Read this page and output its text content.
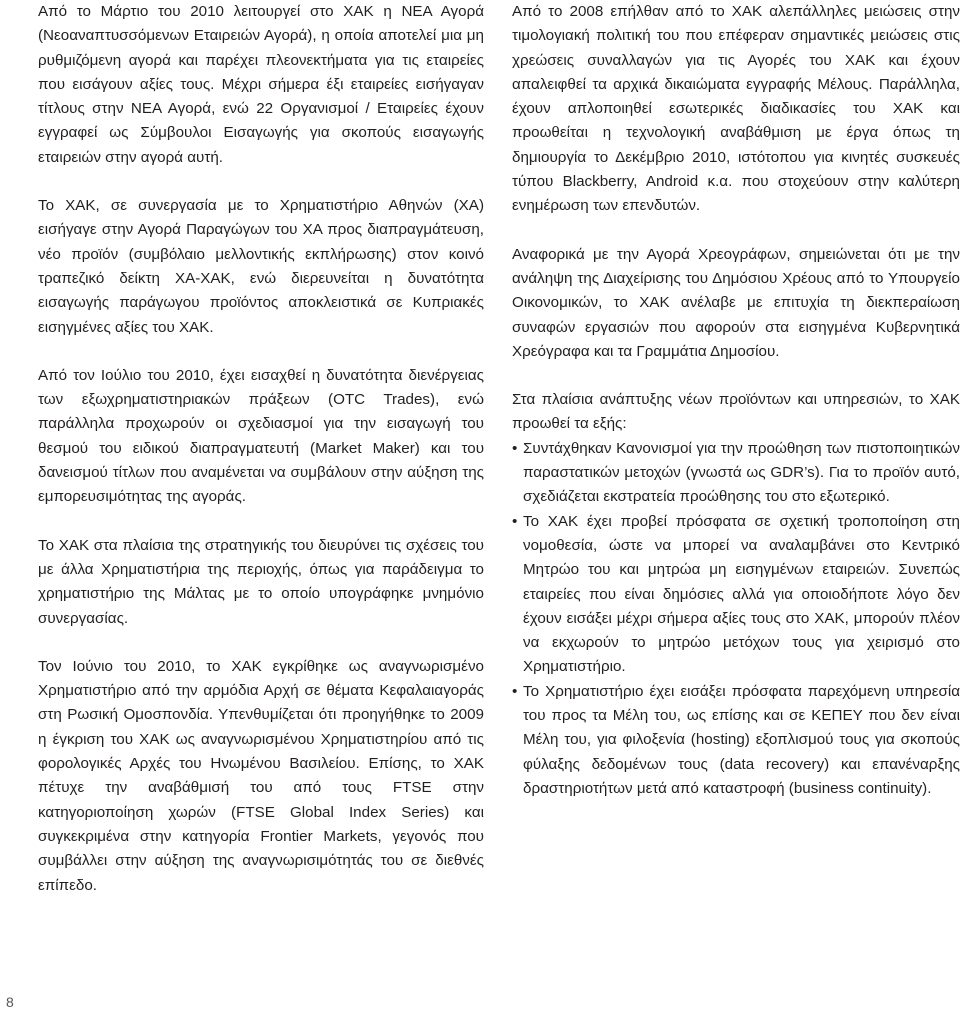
Από το Μάρτιο του 2010 λειτουργεί στο ΧΑΚ η ΝΕΑ Αγορά (Νεοαναπτυσσόμενων Εταιρειών Αγορά), η οποία αποτελεί μια μη ρυθμιζόμενη αγορά και παρέχει πλεονεκτήματα για τις εταιρείες που εισάγουν αξίες τους. Μέχρι σήμερα έξι εταιρείες εισήγαγαν τίτλους στην ΝΕΑ Αγορά, ενώ 22 Οργανισμοί / Εταιρείες έχουν εγγραφεί ως Σύμβουλοι Εισαγωγής για σκοπούς εισαγωγής εταιρειών στην αγορά αυτή.

Το ΧΑΚ, σε συνεργασία με το Χρηματιστήριο Αθηνών (ΧΑ) εισήγαγε στην Αγορά Παραγώγων του ΧΑ προς διαπραγμάτευση, νέο προϊόν (συμβόλαιο μελλοντικής εκπλήρωσης) στον κοινό τραπεζικό δείκτη ΧΑ-ΧΑΚ, ενώ διερευνείται η δυνατότητα εισαγωγής παράγωγου προϊόντος αποκλειστικά σε Κυπριακές εισηγμένες αξίες του ΧΑΚ.

Από τον Ιούλιο του 2010, έχει εισαχθεί η δυνατότητα διενέργειας των εξωχρηματιστηριακών πράξεων (OTC Trades), ενώ παράλληλα προχωρούν οι σχεδιασμοί για την εισαγωγή του θεσμού του ειδικού διαπραγματευτή (Market Maker) και του δανεισμού τίτλων που αναμένεται να συμβάλουν στην αύξηση της εμπορευσιμότητας της αγοράς.

Το ΧΑΚ στα πλαίσια της στρατηγικής του διευρύνει τις σχέσεις του με άλλα Χρηματιστήρια της περιοχής, όπως για παράδειγμα το χρηματιστήριο της Μάλτας με το οποίο υπογράφηκε μνημόνιο συνεργασίας.

Τον Ιούνιο του 2010, το ΧΑΚ εγκρίθηκε ως αναγνωρισμένο Χρηματιστήριο από την αρμόδια Αρχή σε θέματα Κεφαλαιαγοράς στη Ρωσική Ομοσπονδία. Υπενθυμίζεται ότι προηγήθηκε το 2009 η έγκριση του ΧΑΚ ως αναγνωρισμένου Χρηματιστηρίου από τις φορολογικές Αρχές του Ηνωμένου Βασιλείου. Επίσης, το ΧΑΚ πέτυχε την αναβάθμισή του από τους FTSE στην κατηγοριοποίηση χωρών (FTSE Global Index Series) και συγκεκριμένα στην κατηγορία Frontier Markets, γεγονός που συμβάλλει στην αύξηση της αναγνωρισιμότητάς του σε διεθνές επίπεδο.

Από το 2008 επήλθαν από το ΧΑΚ αλεπάλληλες μειώσεις στην τιμολογιακή πολιτική του που επέφεραν σημαντικές μειώσεις στις χρεώσεις συναλλαγών για τις Αγορές του ΧΑΚ και έχουν απαλειφθεί τα αρχικά δικαιώματα εγγραφής Μέλους. Παράλληλα, έχουν απλοποιηθεί εσωτερικές διαδικασίες του ΧΑΚ και προωθείται η τεχνολογική αναβάθμιση με έργα όπως τη δημιουργία το Δεκέμβριο 2010, ιστότοπου για κινητές συσκευές τύπου Blackberry, Android κ.α. που στοχεύουν στην καλύτερη ενημέρωση των επενδυτών.

Αναφορικά με την Αγορά Χρεογράφων, σημειώνεται ότι με την ανάληψη της Διαχείρισης του Δημόσιου Χρέους από το Υπουργείο Οικονομικών, το ΧΑΚ ανέλαβε με επιτυχία τη διεκπεραίωση συναφών εργασιών που αφορούν στα εισηγμένα Κυβερνητικά Χρεόγραφα και τα Γραμμάτια Δημοσίου.

Στα πλαίσια ανάπτυξης νέων προϊόντων και υπηρεσιών, το ΧΑΚ προωθεί τα εξής:

• Συντάχθηκαν Κανονισμοί για την προώθηση των πιστοποιητικών παραστατικών μετοχών (γνωστά ως GDR’s). Για το προϊόν αυτό, σχεδιάζεται εκστρατεία προώθησης του στο εξωτερικό.

• Το ΧΑΚ έχει προβεί πρόσφατα σε σχετική τροποποίηση στη νομοθεσία, ώστε να μπορεί να αναλαμβάνει στο Κεντρικό Μητρώο του και μητρώα μη εισηγμένων εταιρειών. Συνεπώς εταιρείες που είναι δημόσιες αλλά για οποιοδήποτε λόγο δεν έχουν εισάξει μέχρι σήμερα αξίες τους στο ΧΑΚ, μπορούν πλέον να εκχωρούν το μητρώο μετόχων τους για χειρισμό στο Χρηματιστήριο.

• Το Χρηματιστήριο έχει εισάξει πρόσφατα παρεχόμενη υπηρεσία του προς τα Μέλη του, ως επίσης και σε ΚΕΠΕΥ που δεν είναι Μέλη του, για φιλοξενία (hosting) εξοπλισμού τους για σκοπούς φύλαξης δεδομένων τους (data recovery) και επανέναρξης δραστηριοτήτων μετά από καταστροφή (business continuity).

8
